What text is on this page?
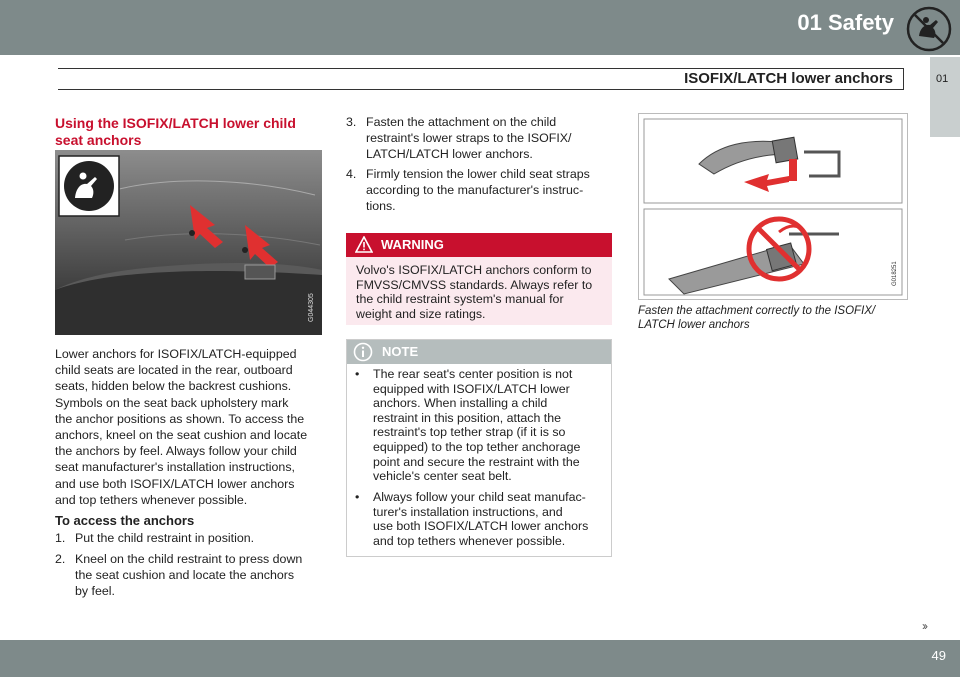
01 Safety
ISOFIX/LATCH lower anchors	01
Using the ISOFIX/LATCH lower child seat anchors
G044305
Lower anchors for ISOFIX/LATCH-equipped
child seats are located in the rear, outboard
seats, hidden below the backrest cushions.
Symbols on the seat back upholstery mark
the anchor positions as shown. To access the
anchors, kneel on the seat cushion and locate
the anchors by feel. Always follow your child
seat manufacturer's installation instructions,
and use both ISOFIX/LATCH lower anchors
and top tethers whenever possible.
To access the anchors
1. Put the child restraint in position.
2. Kneel on the child restraint to press down
the seat cushion and locate the anchors
by feel.
3. Fasten the attachment on the child
restraint's lower straps to the ISOFIX/
LATCH/LATCH lower anchors.
4. Firmly tension the lower child seat straps
according to the manufacturer's instruc-
tions.
WARNING
Volvo's ISOFIX/LATCH anchors conform to
FMVSS/CMVSS standards. Always refer to
the child restraint system's manual for
weight and size ratings.
NOTE
• The rear seat's center position is not
equipped with ISOFIX/LATCH lower
anchors. When installing a child
restraint in this position, attach the
restraint's top tether strap (if it is so
equipped) to the top tether anchorage
point and secure the restraint with the
vehicle's center seat belt.
• Always follow your child seat manufac-
turer's installation instructions, and
use both ISOFIX/LATCH lower anchors
and top tethers whenever possible.
G018251
Fasten the attachment correctly to the ISOFIX/
LATCH lower anchors
››
49
